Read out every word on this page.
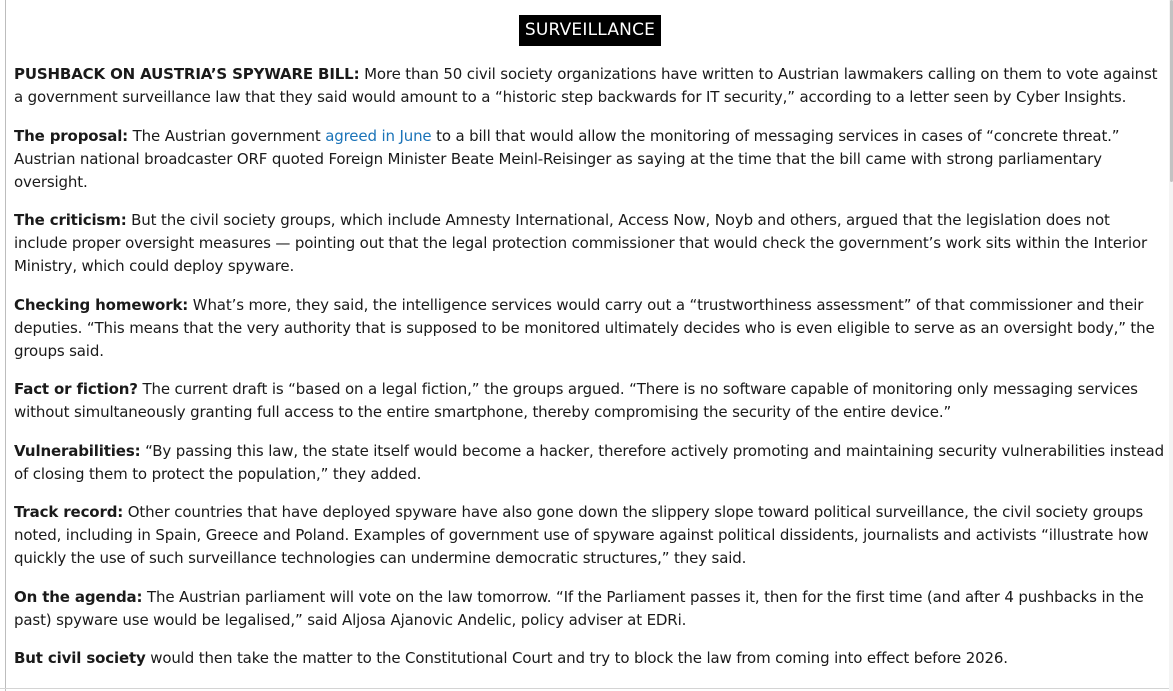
SURVEILLANCE

PUSHBACK ON AUSTRIA’S SPYWARE BILL: More than 50 civil society organizations have written to Austrian lawmakers calling on them to vote against a government surveillance law that they said would amount to a “historic step backwards for IT security,” according to a letter seen by Cyber Insights.

The proposal: The Austrian government agreed in June to a bill that would allow the monitoring of messaging services in cases of “concrete threat.” Austrian national broadcaster ORF quoted Foreign Minister Beate Meinl-Reisinger as saying at the time that the bill came with strong parliamentary oversight.

The criticism: But the civil society groups, which include Amnesty International, Access Now, Noyb and others, argued that the legislation does not include proper oversight measures — pointing out that the legal protection commissioner that would check the government’s work sits within the Interior Ministry, which could deploy spyware.

Checking homework: What’s more, they said, the intelligence services would carry out a “trustworthiness assessment” of that commissioner and their deputies. “This means that the very authority that is supposed to be monitored ultimately decides who is even eligible to serve as an oversight body,” the groups said.

Fact or fiction? The current draft is “based on a legal fiction,” the groups argued. “There is no software capable of monitoring only messaging services without simultaneously granting full access to the entire smartphone, thereby compromising the security of the entire device.”

Vulnerabilities: “By passing this law, the state itself would become a hacker, therefore actively promoting and maintaining security vulnerabilities instead of closing them to protect the population,” they added.

Track record: Other countries that have deployed spyware have also gone down the slippery slope toward political surveillance, the civil society groups noted, including in Spain, Greece and Poland. Examples of government use of spyware against political dissidents, journalists and activists “illustrate how quickly the use of such surveillance technologies can undermine democratic structures,” they said.

On the agenda: The Austrian parliament will vote on the law tomorrow. “If the Parliament passes it, then for the first time (and after 4 pushbacks in the past) spyware use would be legalised,” said Aljosa Ajanovic Andelic, policy adviser at EDRi.

But civil society would then take the matter to the Constitutional Court and try to block the law from coming into effect before 2026.
